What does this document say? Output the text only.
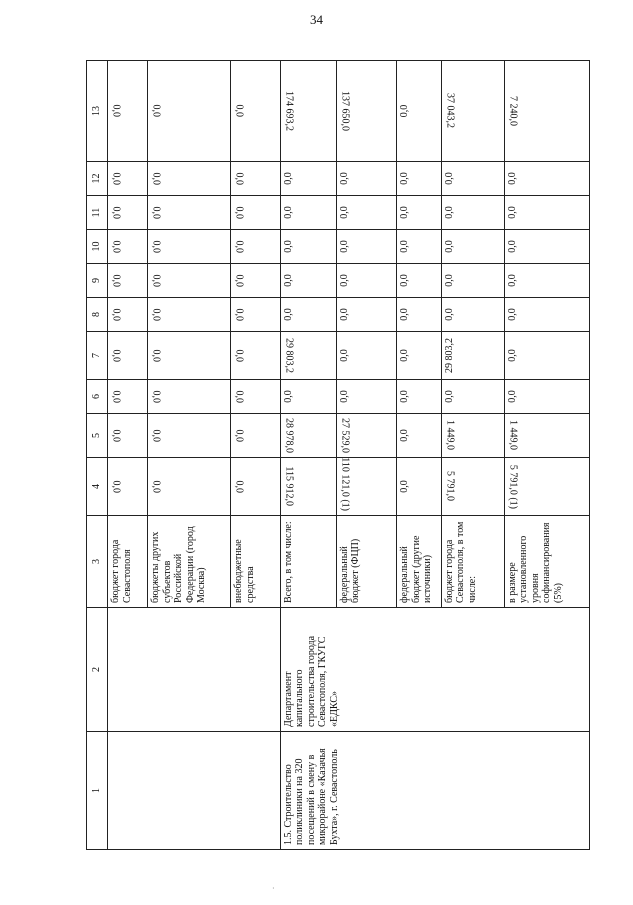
34
1	2	3	4	5	6	7	8	9	10	11	12	13
		бюджет города Севастополя	0,0	0,0	0,0	0,0	0,0	0,0	0,0	0,0	0,0	0,0
		бюджеты других субъектов Российской Федерации (город Москва)	0,0	0,0	0,0	0,0	0,0	0,0	0,0	0,0	0,0	0,0
		внебюджетные средства	0,0	0,0	0,0	0,0	0,0	0,0	0,0	0,0	0,0	0,0
1.5. Строительство поликлиники на 320 посещений в смену в микрорайоне «Казачья Бухта», г. Севастополь	Департамент капитального строительства города Севастополя, ГКУГС «ЕДКС»	Всего, в том числе:	115 912,0	28 978,0	0,0	29 803,2	0,0	0,0	0,0	0,0	0,0	174 693,2
		федеральный бюджет (ФЦП)	110 121,0 (1)	27 529,0	0,0	0,0	0,0	0,0	0,0	0,0	0,0	137 650,0
		федеральный бюджет (другие источники)	0,0	0,0	0,0	0,0	0,0	0,0	0,0	0,0	0,0	0,0
		бюджет города Севастополя, в том числе:	5 791,0	1 449,0	0,0	29 803,2	0,0	0,0	0,0	0,0	0,0	37 043,2
		в размере установленного уровня софинансирования (5%)	5 791,0 (1)	1 449,0	0,0	0,0	0,0	0,0	0,0	0,0	0,0	7 240,0
·
